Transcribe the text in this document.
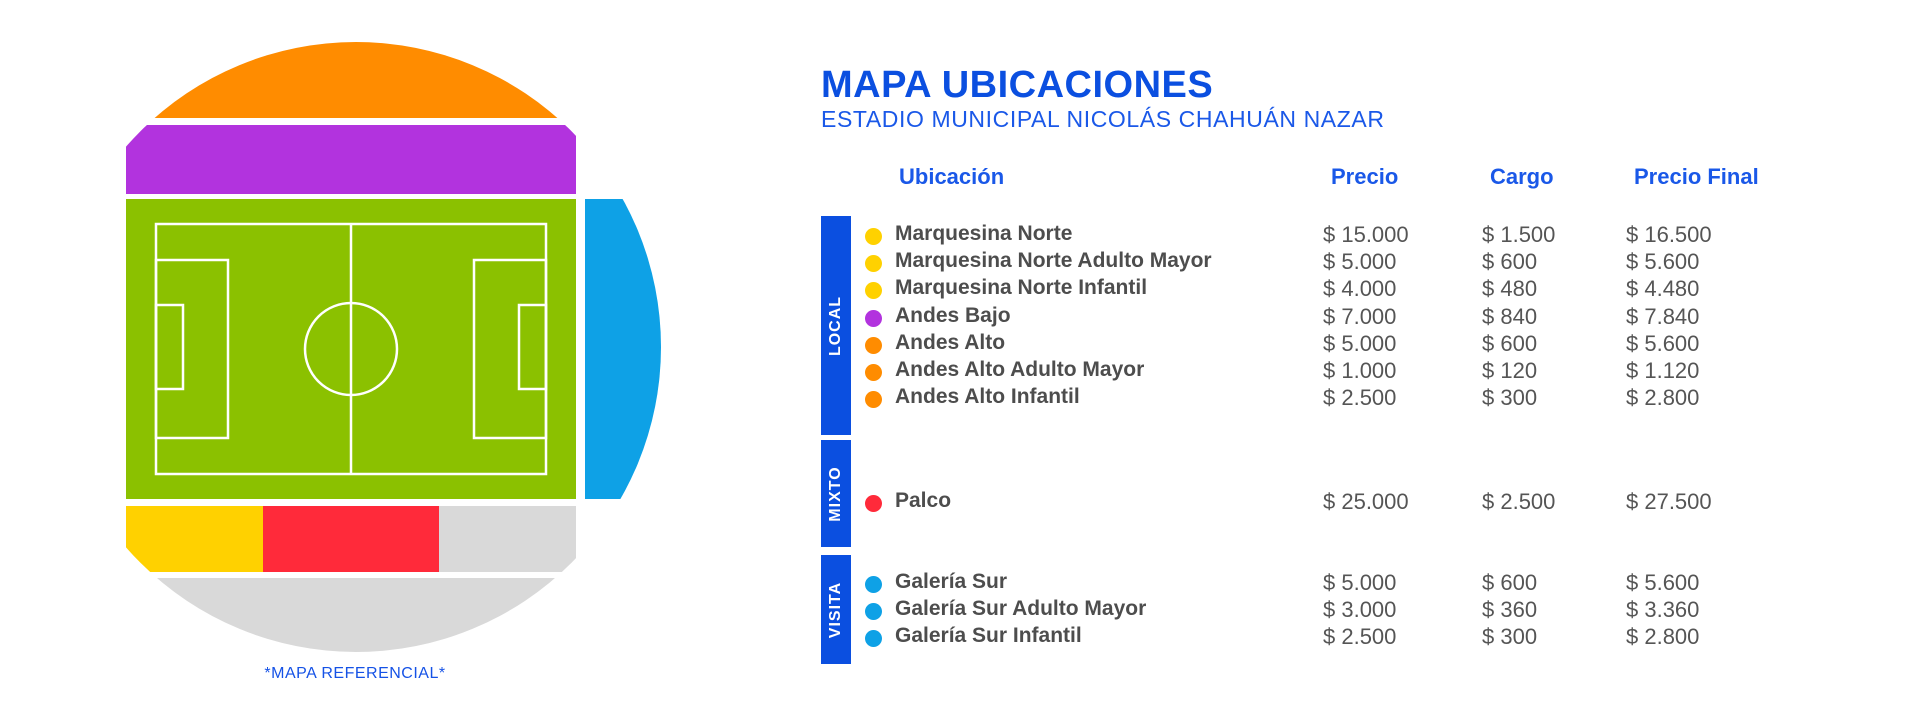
*MAPA REFERENCIAL*
MAPA UBICACIONES
ESTADIO MUNICIPAL NICOLÁS CHAHUÁN NAZAR
Ubicación	Precio	Cargo	Precio Final
LOCAL
Marquesina Norte	$ 15.000	$ 1.500	$ 16.500
Marquesina Norte Adulto Mayor	$ 5.000	$ 600	$ 5.600
Marquesina Norte Infantil	$ 4.000	$ 480	$ 4.480
Andes Bajo	$ 7.000	$ 840	$ 7.840
Andes Alto	$ 5.000	$ 600	$ 5.600
Andes Alto Adulto Mayor	$ 1.000	$ 120	$ 1.120
Andes Alto Infantil	$ 2.500	$ 300	$ 2.800
MIXTO Palco	$ 25.000	$ 2.500	$ 27.500
VISITA Galería Sur	$ 5.000	$ 600	$ 5.600
Galería Sur Adulto Mayor	$ 3.000	$ 360	$ 3.360
Galería Sur Infantil	$ 2.500	$ 300	$ 2.800
